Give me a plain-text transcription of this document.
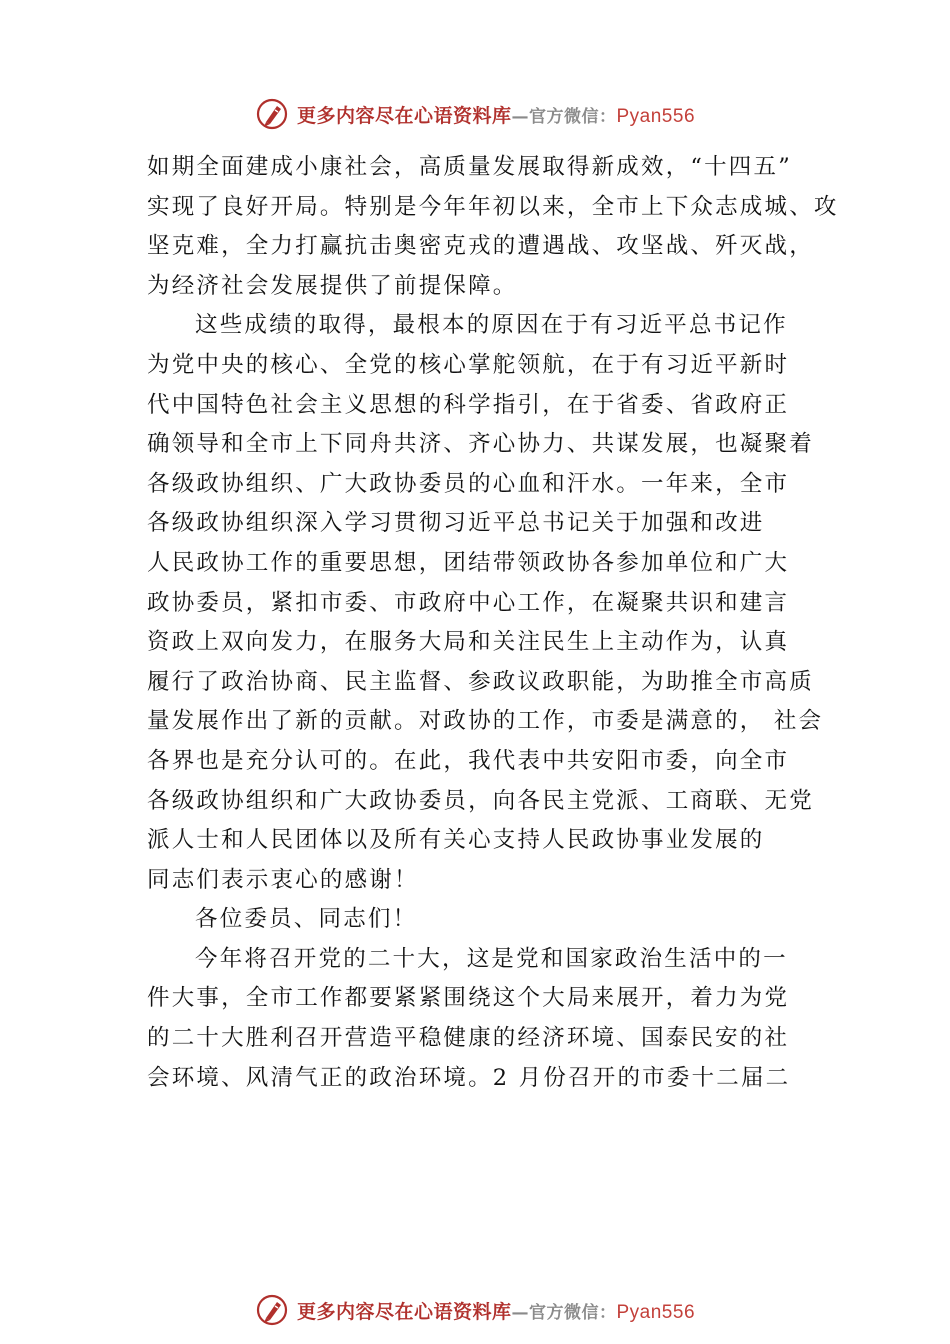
更多内容尽在心语资料库—官方微信：Pyan556
如期全面建成小康社会，高质量发展取得新成效，“十四五”
实现了良好开局。特别是今年年初以来，全市上下众志成城、攻
坚克难，全力打赢抗击奥密克戎的遭遇战、攻坚战、歼灭战，
为经济社会发展提供了前提保障。
这些成绩的取得，最根本的原因在于有习近平总书记作
为党中央的核心、全党的核心掌舵领航，在于有习近平新时
代中国特色社会主义思想的科学指引，在于省委、省政府正
确领导和全市上下同舟共济、齐心协力、共谋发展，也凝聚着
各级政协组织、广大政协委员的心血和汗水。一年来，全市
各级政协组织深入学习贯彻习近平总书记关于加强和改进
人民政协工作的重要思想，团结带领政协各参加单位和广大
政协委员，紧扣市委、市政府中心工作，在凝聚共识和建言
资政上双向发力，在服务大局和关注民生上主动作为，认真
履行了政治协商、民主监督、参政议政职能，为助推全市高质
量发展作出了新的贡献。对政协的工作，市委是满意的， 社会
各界也是充分认可的。在此，我代表中共安阳市委，向全市
各级政协组织和广大政协委员，向各民主党派、工商联、无党
派人士和人民团体以及所有关心支持人民政协事业发展的
同志们表示衷心的感谢！
各位委员、同志们！
今年将召开党的二十大，这是党和国家政治生活中的一
件大事，全市工作都要紧紧围绕这个大局来展开，着力为党
的二十大胜利召开营造平稳健康的经济环境、国泰民安的社
会环境、风清气正的政治环境。2 月份召开的市委十二届二
更多内容尽在心语资料库—官方微信：Pyan556
